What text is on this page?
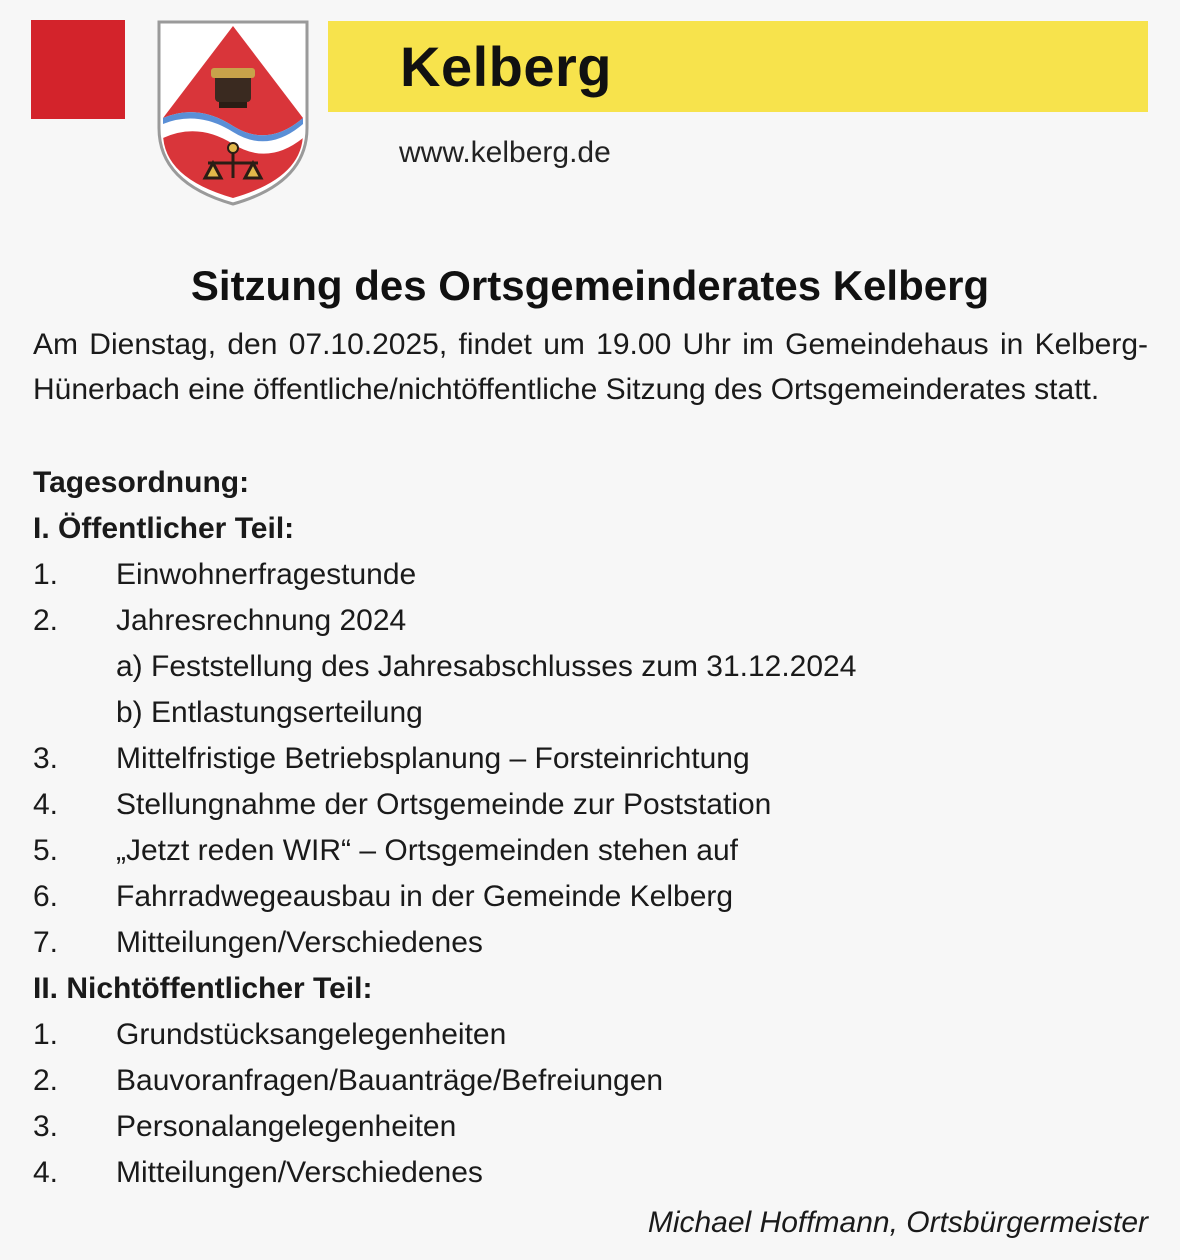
Kelberg
www.kelberg.de
Sitzung des Ortsgemeinderates Kelberg
Am Dienstag, den 07.10.2025, findet um 19.00 Uhr im Gemeindehaus in Kelberg-Hünerbach eine öffentliche/nichtöffentliche Sitzung des Ortsgemeinderates statt.
Tagesordnung:
I. Öffentlicher Teil:
1. Einwohnerfragestunde
2. Jahresrechnung 2024
a) Feststellung des Jahresabschlusses zum 31.12.2024
b) Entlastungserteilung
3. Mittelfristige Betriebsplanung – Forsteinrichtung
4. Stellungnahme der Ortsgemeinde zur Poststation
5. „Jetzt reden WIR“ – Ortsgemeinden stehen auf
6. Fahrradwegeausbau in der Gemeinde Kelberg
7. Mitteilungen/Verschiedenes
II. Nichtöffentlicher Teil:
1. Grundstücksangelegenheiten
2. Bauvoranfragen/Bauanträge/Befreiungen
3. Personalangelegenheiten
4. Mitteilungen/Verschiedenes
Michael Hoffmann, Ortsbürgermeister
